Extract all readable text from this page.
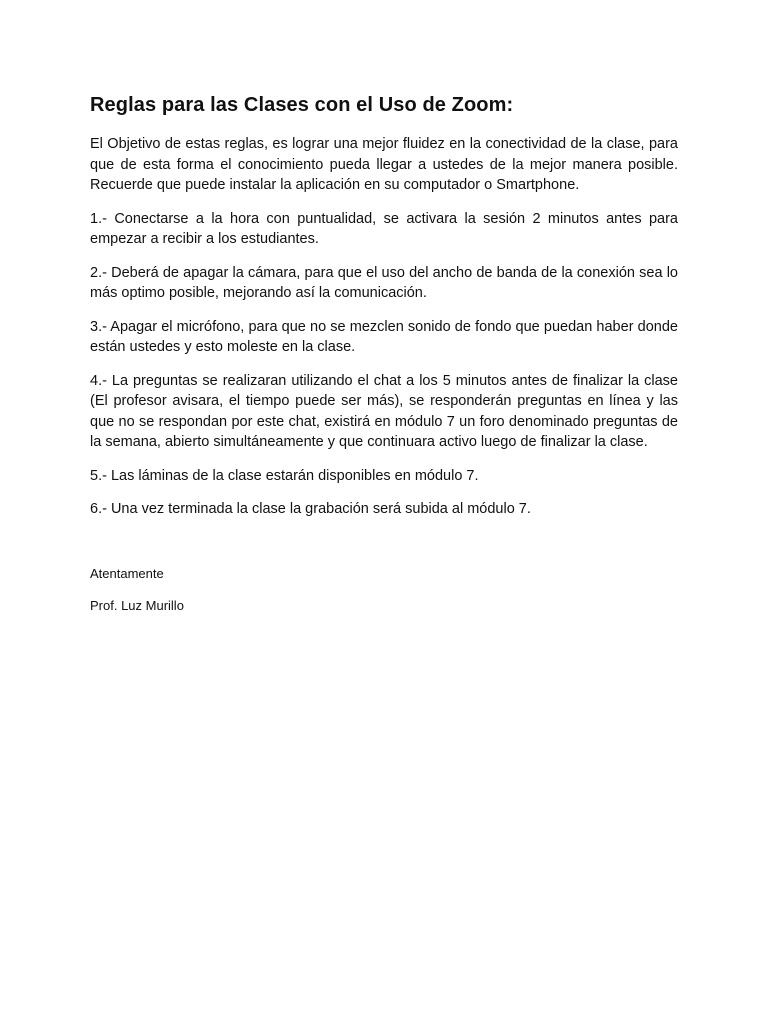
Reglas para las Clases con el Uso de Zoom:

El Objetivo de estas reglas, es lograr una mejor fluidez en la conectividad de la clase, para que de esta forma el conocimiento pueda llegar a ustedes de la mejor manera posible. Recuerde que puede instalar la aplicación en su computador o Smartphone.

1.- Conectarse a la hora con puntualidad, se activara la sesión 2 minutos antes para empezar a recibir a los estudiantes.

2.- Deberá de apagar la cámara, para que el uso del ancho de banda de la conexión sea lo más optimo posible, mejorando así la comunicación.

3.- Apagar el micrófono, para que no se mezclen sonido de fondo que puedan haber donde están ustedes y esto moleste en la clase.

4.- La preguntas se realizaran utilizando el chat a los 5 minutos antes de finalizar la clase (El profesor avisara, el tiempo puede ser más), se responderán preguntas en línea y las que no se respondan por este chat, existirá en módulo 7 un foro denominado preguntas de la semana, abierto simultáneamente y que continuara activo luego de finalizar la clase.

5.- Las láminas de la clase estarán disponibles en módulo 7.

6.- Una vez terminada la clase la grabación será subida al módulo 7.

Atentamente

Prof. Luz Murillo
